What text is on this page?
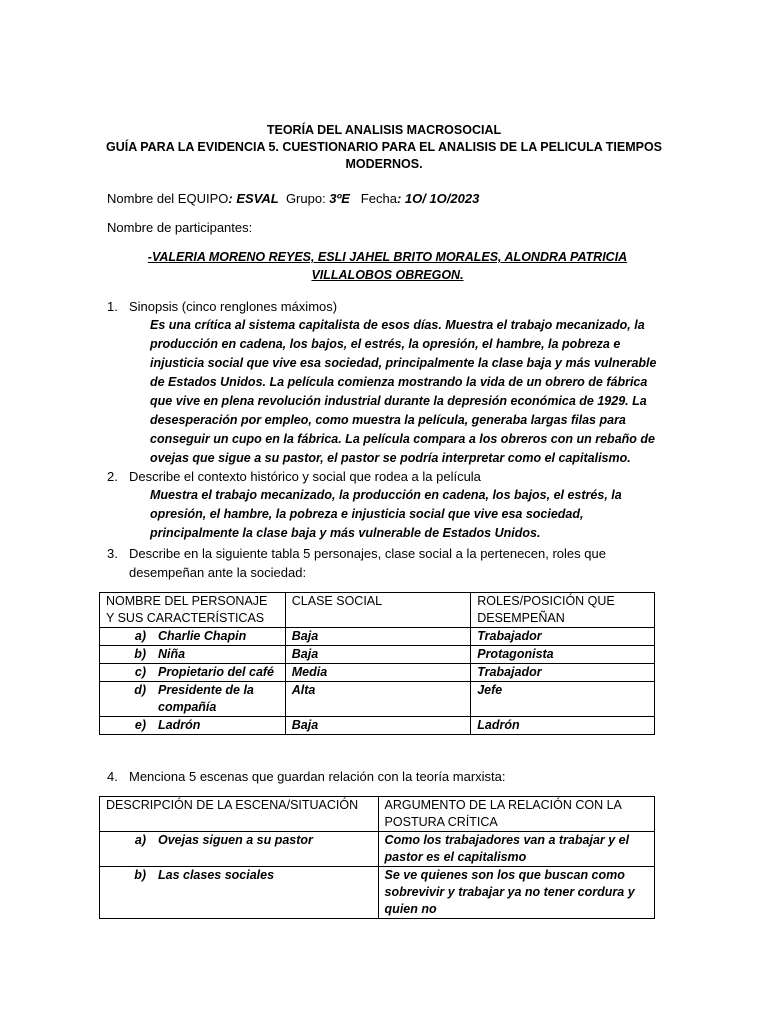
TEORÍA DEL ANALISIS MACROSOCIAL
GUÍA PARA LA EVIDENCIA 5. CUESTIONARIO PARA EL ANALISIS DE LA PELICULA TIEMPOS
MODERNOS.
Nombre del EQUIPO: ESVAL Grupo: 3ºE Fecha: 1O/ 1O/2023
Nombre de participantes:
-VALERIA MORENO REYES, ESLI JAHEL BRITO MORALES, ALONDRA PATRICIA VILLALOBOS OBREGON.
1. Sinopsis (cinco renglones máximos)
Es una crítica al sistema capitalista de esos días. Muestra el trabajo mecanizado, la producción en cadena, los bajos, el estrés, la opresión, el hambre, la pobreza e injusticia social que vive esa sociedad, principalmente la clase baja y más vulnerable de Estados Unidos. La película comienza mostrando la vida de un obrero de fábrica que vive en plena revolución industrial durante la depresión económica de 1929. La desesperación por empleo, como muestra la película, generaba largas filas para conseguir un cupo en la fábrica. La película compara a los obreros con un rebaño de ovejas que sigue a su pastor, el pastor se podría interpretar como el capitalismo.
2. Describe el contexto histórico y social que rodea a la película
Muestra el trabajo mecanizado, la producción en cadena, los bajos, el estrés, la opresión, el hambre, la pobreza e injusticia social que vive esa sociedad, principalmente la clase baja y más vulnerable de Estados Unidos.
3. Describe en la siguiente tabla 5 personajes, clase social a la pertenecen, roles que desempeñan ante la sociedad:
NOMBRE DEL PERSONAJE Y SUS CARACTERÍSTICAS	CLASE SOCIAL	ROLES/POSICIÓN QUE DESEMPEÑAN

a) Charlie Chapin	Baja	Trabajador

b) Niña	Baja	Protagonista

c) Propietario del café	Media	Trabajador

d) Presidente de la compañía	Alta	Jefe

e) Ladrón	Baja	Ladrón
4. Menciona 5 escenas que guardan relación con la teoría marxista:
DESCRIPCIÓN DE LA ESCENA/SITUACIÓN	ARGUMENTO DE LA RELACIÓN CON LA POSTURA CRÍTICA

a) Ovejas siguen a su pastor	Como los trabajadores van a trabajar y el pastor es el capitalismo

b) Las clases sociales	Se ve quienes son los que buscan como sobrevivir y trabajar ya no tener cordura y quien no
